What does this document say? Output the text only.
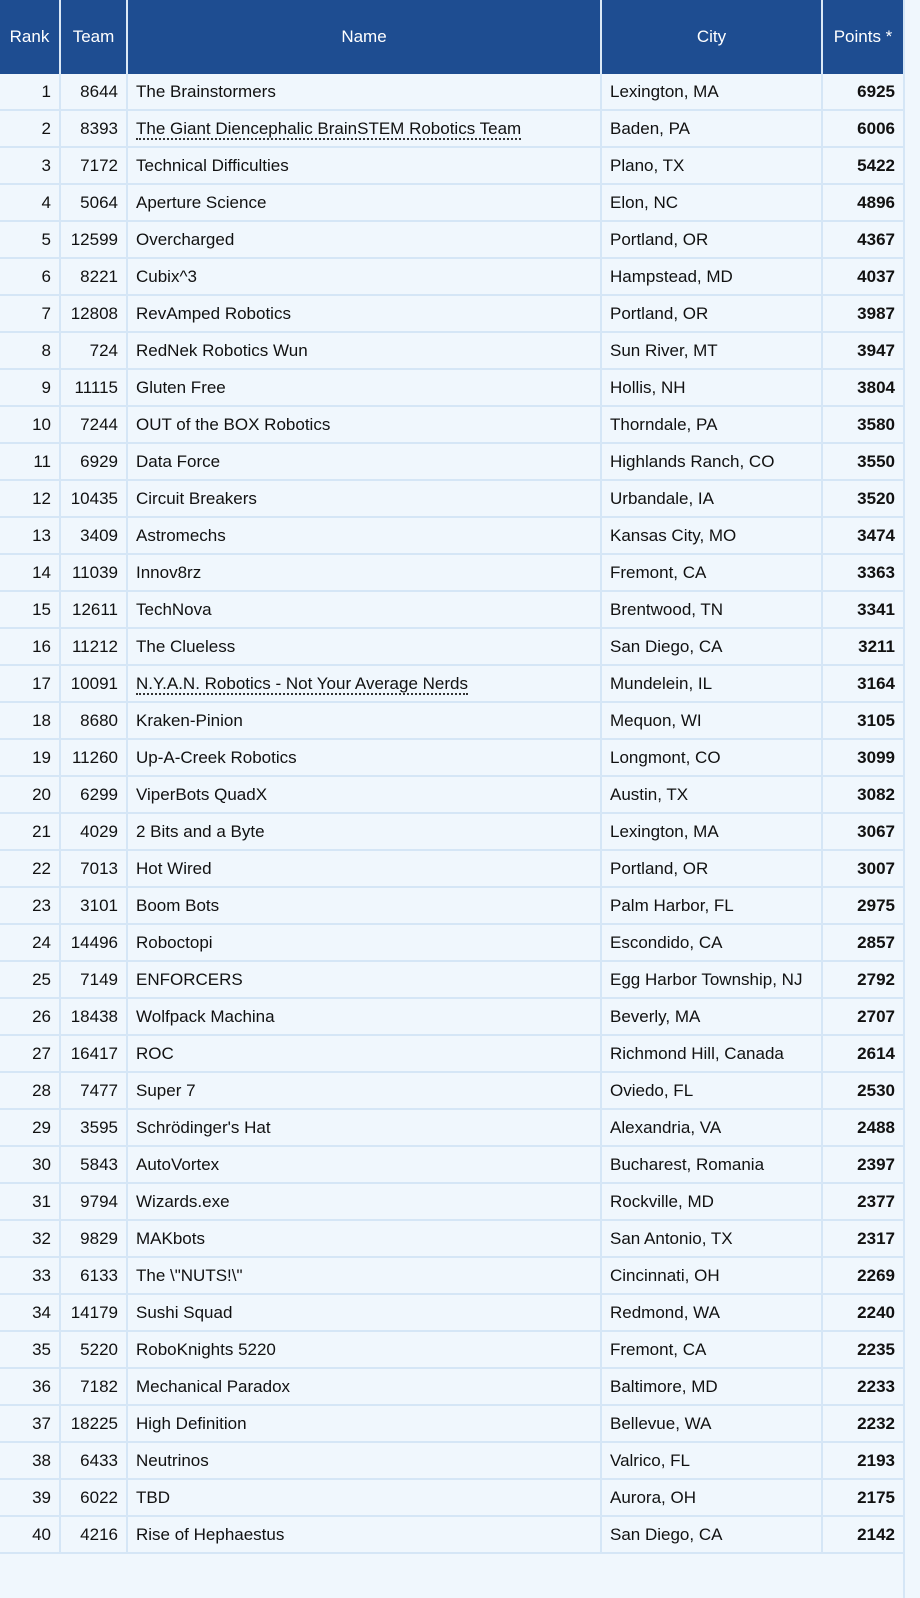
Rank	Team	Name	City	Points *
1	8644	The Brainstormers	Lexington, MA	6925
2	8393	The Giant Diencephalic BrainSTEM Robotics Team	Baden, PA	6006
3	7172	Technical Difficulties	Plano, TX	5422
4	5064	Aperture Science	Elon, NC	4896
5	12599	Overcharged	Portland, OR	4367
6	8221	Cubix^3	Hampstead, MD	4037
7	12808	RevAmped Robotics	Portland, OR	3987
8	724	RedNek Robotics Wun	Sun River, MT	3947
9	11115	Gluten Free	Hollis, NH	3804
10	7244	OUT of the BOX Robotics	Thorndale, PA	3580
11	6929	Data Force	Highlands Ranch, CO	3550
12	10435	Circuit Breakers	Urbandale, IA	3520
13	3409	Astromechs	Kansas City, MO	3474
14	11039	Innov8rz	Fremont, CA	3363
15	12611	TechNova	Brentwood, TN	3341
16	11212	The Clueless	San Diego, CA	3211
17	10091	N.Y.A.N. Robotics - Not Your Average Nerds	Mundelein, IL	3164
18	8680	Kraken-Pinion	Mequon, WI	3105
19	11260	Up-A-Creek Robotics	Longmont, CO	3099
20	6299	ViperBots QuadX	Austin, TX	3082
21	4029	2 Bits and a Byte	Lexington, MA	3067
22	7013	Hot Wired	Portland, OR	3007
23	3101	Boom Bots	Palm Harbor, FL	2975
24	14496	Roboctopi	Escondido, CA	2857
25	7149	ENFORCERS	Egg Harbor Township, NJ	2792
26	18438	Wolfpack Machina	Beverly, MA	2707
27	16417	ROC	Richmond Hill, Canada	2614
28	7477	Super 7	Oviedo, FL	2530
29	3595	Schrödinger's Hat	Alexandria, VA	2488
30	5843	AutoVortex	Bucharest, Romania	2397
31	9794	Wizards.exe	Rockville, MD	2377
32	9829	MAKbots	San Antonio, TX	2317
33	6133	The \"NUTS!\"	Cincinnati, OH	2269
34	14179	Sushi Squad	Redmond, WA	2240
35	5220	RoboKnights 5220	Fremont, CA	2235
36	7182	Mechanical Paradox	Baltimore, MD	2233
37	18225	High Definition	Bellevue, WA	2232
38	6433	Neutrinos	Valrico, FL	2193
39	6022	TBD	Aurora, OH	2175
40	4216	Rise of Hephaestus	San Diego, CA	2142
